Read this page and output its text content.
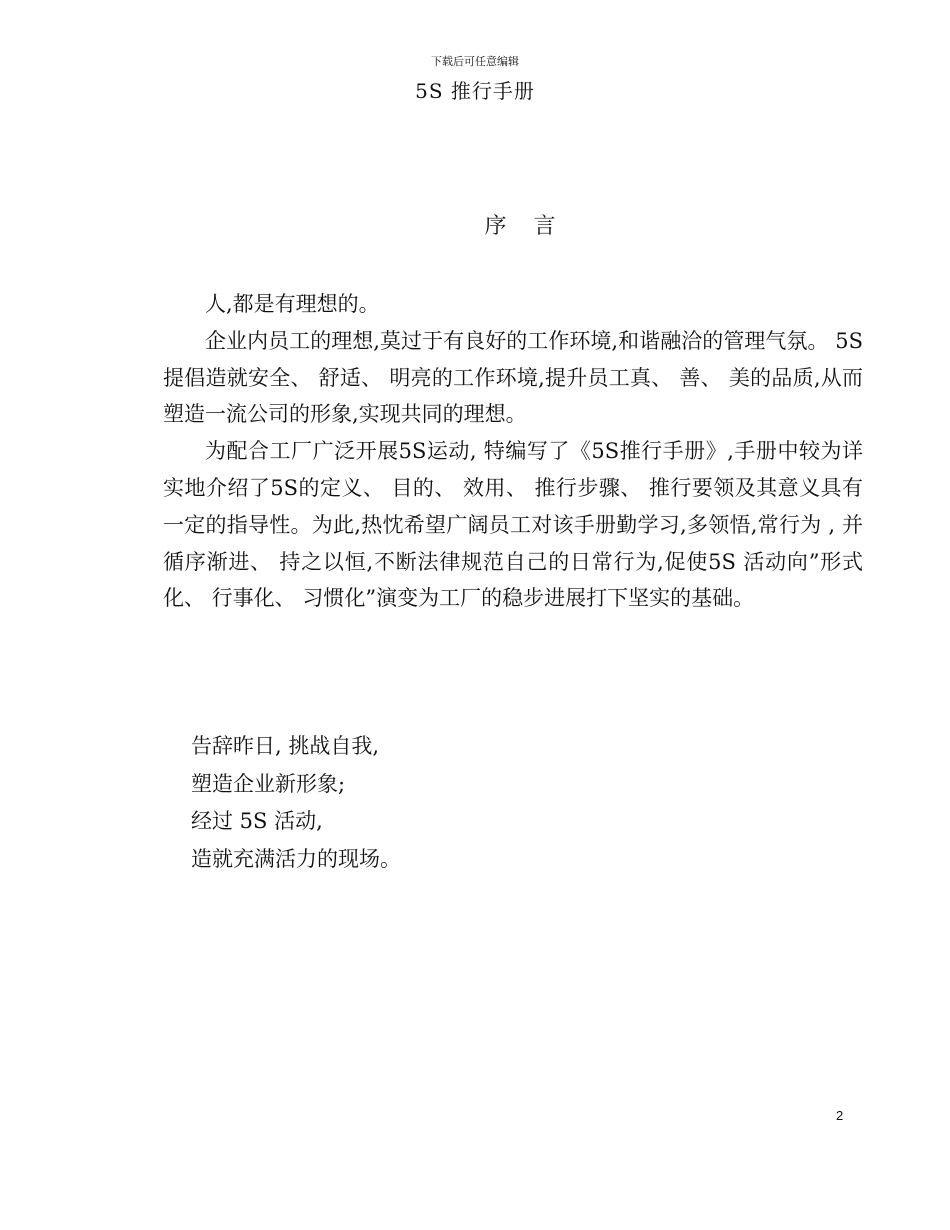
下载后可任意编辑
5S 推行手册
序 言

人,都是有理想的。

企业内员工的理想,莫过于有良好的工作环境,和谐融洽的管理气氛。 5S提倡造就安全、 舒适、 明亮的工作环境,提升员工真、 善、 美的品质,从而塑造一流公司的形象,实现共同的理想。

为配合工厂广泛开展5S运动, 特编写了《5S推行手册》,手册中较为详实地介绍了5S的定义、 目的、 效用、 推行步骤、 推行要领及其意义具有一定的指导性。为此,热忱希望广阔员工对该手册勤学习,多领悟,常行为 , 并循序渐进、 持之以恒,不断法律规范自己的日常行为,促使5S 活动向”形式化、 行事化、 习惯化”演变为工厂的稳步进展打下坚实的基础。

告辞昨日, 挑战自我,
塑造企业新形象;
经过 5S 活动,
造就充满活力的现场。
2
